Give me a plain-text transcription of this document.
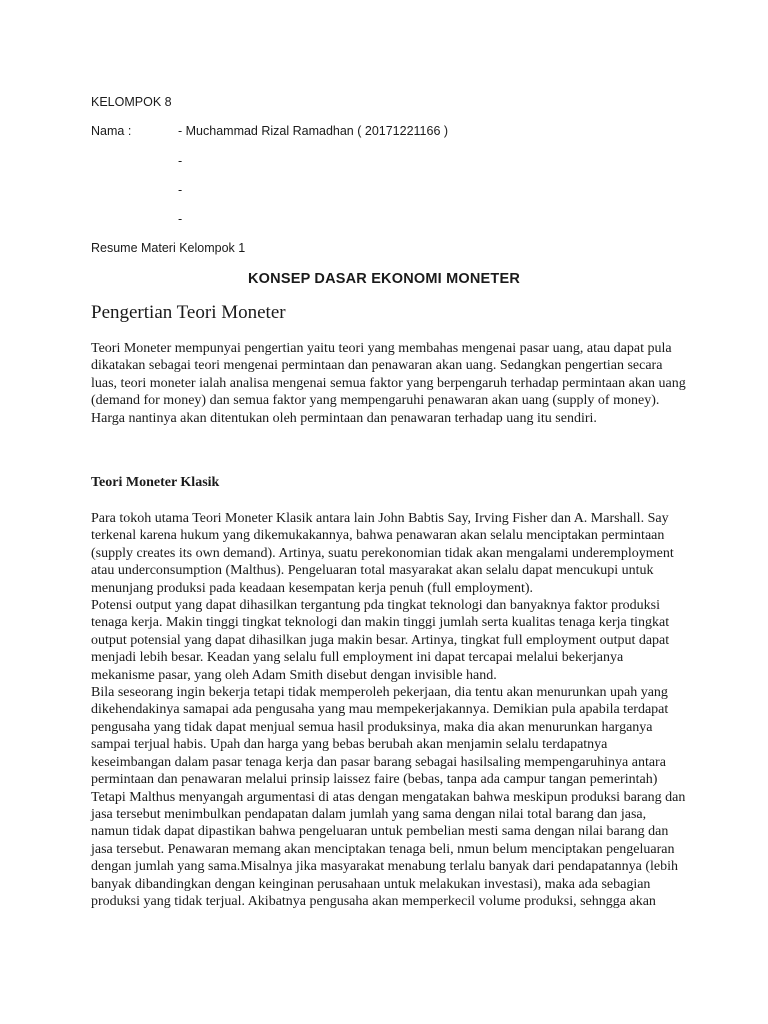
KELOMPOK 8
Nama :	- Muchammad Rizal Ramadhan ( 20171221166 )
-
-
-
Resume Materi Kelompok 1
KONSEP DASAR EKONOMI MONETER
Pengertian Teori Moneter

Teori Moneter mempunyai pengertian yaitu teori yang membahas mengenai pasar uang, atau dapat pula

dikatakan sebagai teori mengenai permintaan dan penawaran akan uang. Sedangkan pengertian secara

luas, teori moneter ialah analisa mengenai semua faktor yang berpengaruh terhadap permintaan akan uang

(demand for money) dan semua faktor yang mempengaruhi penawaran akan uang (supply of money).

Harga nantinya akan ditentukan oleh permintaan dan penawaran terhadap uang itu sendiri.

Teori Moneter Klasik

Para tokoh utama Teori Moneter Klasik antara lain John Babtis Say, Irving Fisher dan A. Marshall. Say

terkenal karena hukum yang dikemukakannya, bahwa penawaran akan selalu menciptakan permintaan

(supply creates its own demand). Artinya, suatu perekonomian tidak akan mengalami underemployment

atau underconsumption (Malthus). Pengeluaran total masyarakat akan selalu dapat mencukupi untuk

menunjang produksi pada keadaan kesempatan kerja penuh (full employment).

Potensi output yang dapat dihasilkan tergantung pda tingkat teknologi dan banyaknya faktor produksi

tenaga kerja. Makin tinggi tingkat teknologi dan makin tinggi jumlah serta kualitas tenaga kerja tingkat

output potensial yang dapat dihasilkan juga makin besar. Artinya, tingkat full employment output dapat

menjadi lebih besar. Keadan yang selalu full employment ini dapat tercapai melalui bekerjanya

mekanisme pasar, yang oleh Adam Smith disebut dengan invisible hand.

Bila seseorang ingin bekerja tetapi tidak memperoleh pekerjaan, dia tentu akan menurunkan upah yang

dikehendakinya samapai ada pengusaha yang mau mempekerjakannya. Demikian pula apabila terdapat

pengusaha yang tidak dapat menjual semua hasil produksinya, maka dia akan menurunkan harganya

sampai terjual habis. Upah dan harga yang bebas berubah akan menjamin selalu terdapatnya

keseimbangan dalam pasar tenaga kerja dan pasar barang sebagai hasilsaling mempengaruhinya antara

permintaan dan penawaran melalui prinsip laissez faire (bebas, tanpa ada campur tangan pemerintah)

Tetapi Malthus menyangah argumentasi di atas dengan mengatakan bahwa meskipun produksi barang dan

jasa tersebut menimbulkan pendapatan dalam jumlah yang sama dengan nilai total barang dan jasa,

namun tidak dapat dipastikan bahwa pengeluaran untuk pembelian mesti sama dengan nilai barang dan

jasa tersebut. Penawaran memang akan menciptakan tenaga beli, nmun belum menciptakan pengeluaran

dengan jumlah yang sama.Misalnya jika masyarakat menabung terlalu banyak dari pendapatannya (lebih

banyak dibandingkan dengan keinginan perusahaan untuk melakukan investasi), maka ada sebagian

produksi yang tidak terjual. Akibatnya pengusaha akan memperkecil volume produksi, sehngga akan
